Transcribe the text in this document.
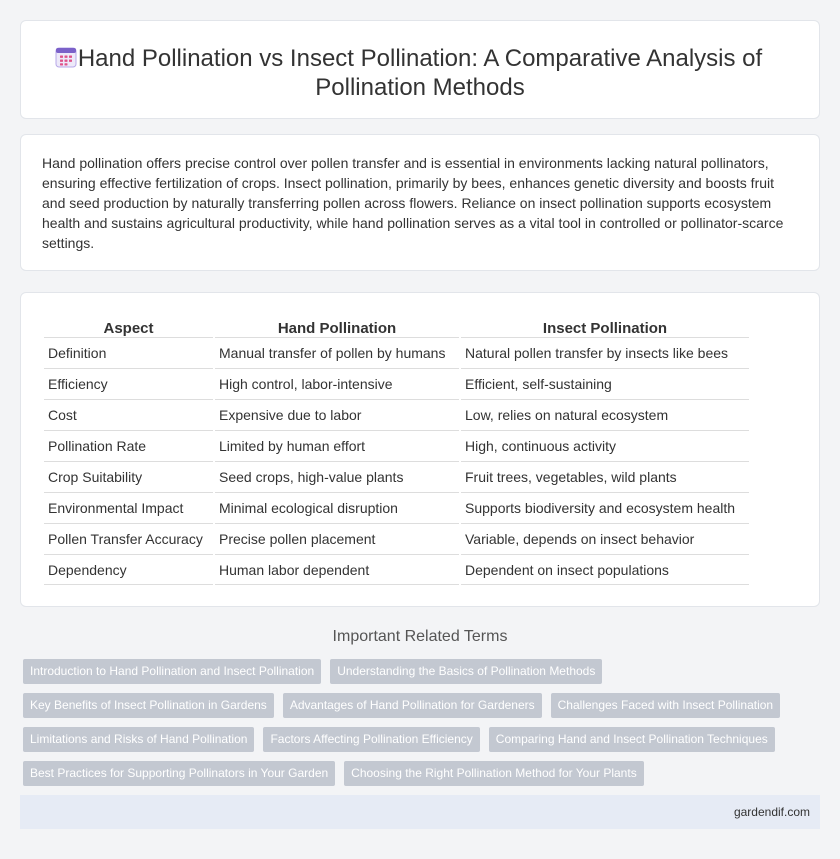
Hand Pollination vs Insect Pollination: A Comparative Analysis of Pollination Methods

Hand pollination offers precise control over pollen transfer and is essential in environments lacking natural pollinators, ensuring effective fertilization of crops. Insect pollination, primarily by bees, enhances genetic diversity and boosts fruit and seed production by naturally transferring pollen across flowers. Reliance on insect pollination supports ecosystem health and sustains agricultural productivity, while hand pollination serves as a vital tool in controlled or pollinator-scarce settings.

Aspect	Hand Pollination	Insect Pollination
Definition	Manual transfer of pollen by humans	Natural pollen transfer by insects like bees
Efficiency	High control, labor-intensive	Efficient, self-sustaining
Cost	Expensive due to labor	Low, relies on natural ecosystem
Pollination Rate	Limited by human effort	High, continuous activity
Crop Suitability	Seed crops, high-value plants	Fruit trees, vegetables, wild plants
Environmental Impact	Minimal ecological disruption	Supports biodiversity and ecosystem health
Pollen Transfer Accuracy	Precise pollen placement	Variable, depends on insect behavior
Dependency	Human labor dependent	Dependent on insect populations
Important Related Terms
Introduction to Hand Pollination and Insect Pollination	Understanding the Basics of Pollination Methods
Key Benefits of Insect Pollination in Gardens	Advantages of Hand Pollination for Gardeners	Challenges Faced with Insect Pollination
Limitations and Risks of Hand Pollination	Factors Affecting Pollination Efficiency	Comparing Hand and Insect Pollination Techniques
Best Practices for Supporting Pollinators in Your Garden	Choosing the Right Pollination Method for Your Plants
gardendif.com
